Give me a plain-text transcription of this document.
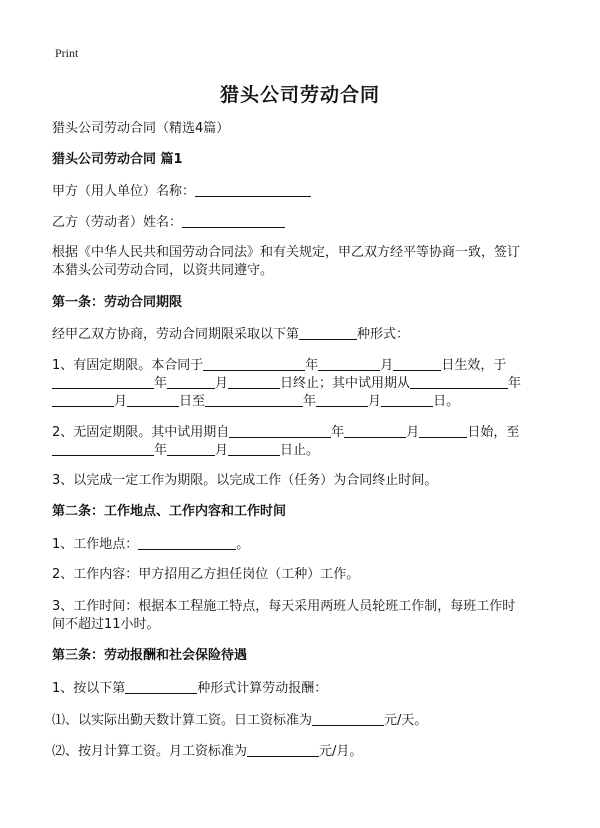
Print
猎头公司劳动合同
猎头公司劳动合同（精选4篇）
猎头公司劳动合同 篇1
甲方（用人单位）名称：
乙方（劳动者）姓名：
根据《中华人民共和国劳动合同法》和有关规定，甲乙双方经平等协商一致，签订
本猎头公司劳动合同，以资共同遵守。
第一条：劳动合同期限
经甲乙双方协商，劳动合同期限采取以下第	种形式：
1、有固定期限。本合同于	年	月	日生效，于
年	月	日终止；其中试用期从	年
月	日至	年	月	日。
2、无固定期限。其中试用期自	年	月	日始，至
年	月	日止。
3、以完成一定工作为期限。以完成工作（任务）为合同终止时间。
第二条：工作地点、工作内容和工作时间
1、工作地点：	。
2、工作内容：甲方招用乙方担任岗位（工种）工作。
3、工作时间：根据本工程施工特点，每天采用两班人员轮班工作制，每班工作时
间不超过11小时。
第三条：劳动报酬和社会保险待遇
1、按以下第	种形式计算劳动报酬：
⑴、以实际出勤天数计算工资。日工资标准为	元/天。
⑵、按月计算工资。月工资标准为	元/月。
